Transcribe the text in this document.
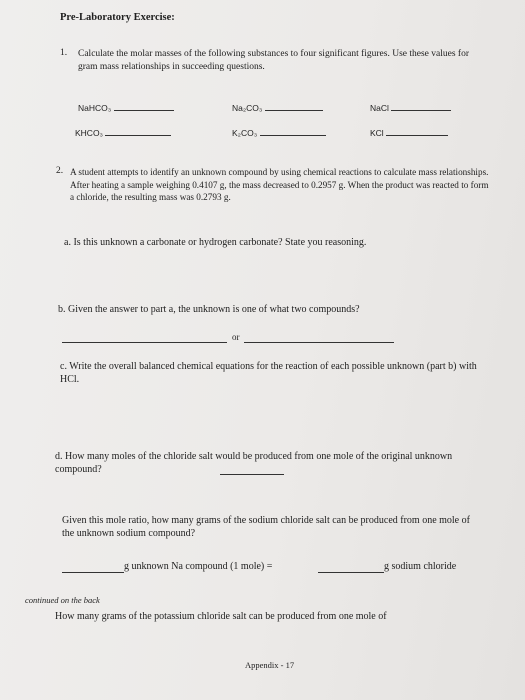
Pre-Laboratory Exercise:
1. Calculate the molar masses of the following substances to four significant figures. Use these values for gram mass relationships in succeeding questions.
NaHCO₃	Na₂CO₃	NaCl
KHCO₃	K₂CO₃	KCl
2. A student attempts to identify an unknown compound by using chemical reactions to calculate mass relationships. After heating a sample weighing 0.4107 g, the mass decreased to 0.2957 g. When the product was reacted to form a chloride, the resulting mass was 0.2793 g.
a. Is this unknown a carbonate or hydrogen carbonate? State you reasoning.
b. Given the answer to part a, the unknown is one of what two compounds?
or
c. Write the overall balanced chemical equations for the reaction of each possible unknown (part b) with HCl.
d. How many moles of the chloride salt would be produced from one mole of the original unknown compound?
Given this mole ratio, how many grams of the sodium chloride salt can be produced from one mole of the unknown sodium compound?
g unknown Na compound (1 mole) =	g sodium chloride
continued on the back
How many grams of the potassium chloride salt can be produced from one mole of
Appendix - 17
